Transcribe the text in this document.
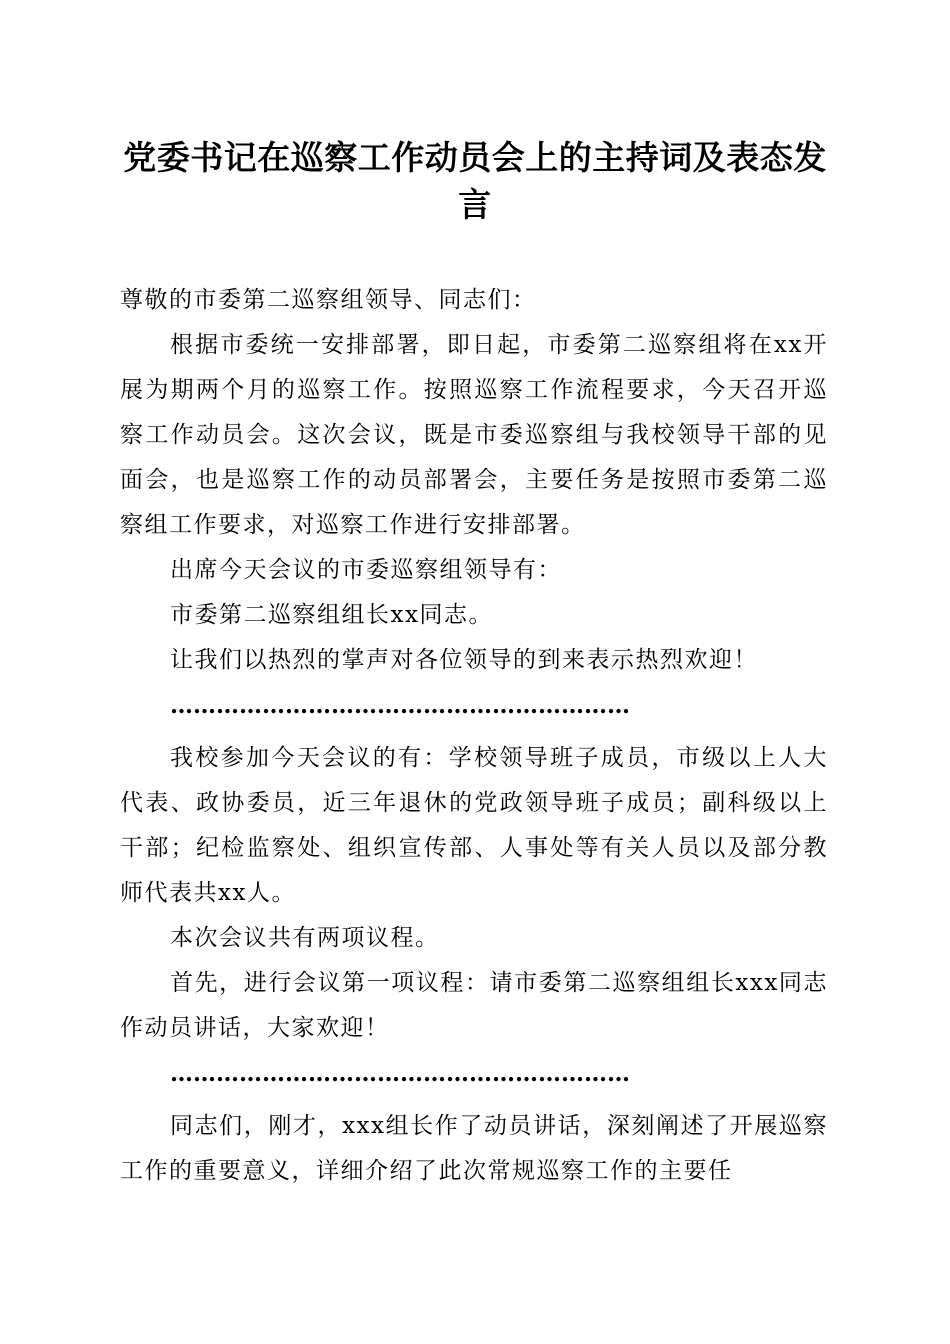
党委书记在巡察工作动员会上的主持词及表态发言

尊敬的市委第二巡察组领导、同志们：

根据市委统一安排部署，即日起，市委第二巡察组将在xx开展为期两个月的巡察工作。按照巡察工作流程要求，今天召开巡察工作动员会。这次会议，既是市委巡察组与我校领导干部的见面会，也是巡察工作的动员部署会，主要任务是按照市委第二巡察组工作要求，对巡察工作进行安排部署。

出席今天会议的市委巡察组领导有：

市委第二巡察组组长xx同志。

让我们以热烈的掌声对各位领导的到来表示热烈欢迎！

……………………………………………………

我校参加今天会议的有：学校领导班子成员，市级以上人大代表、政协委员，近三年退休的党政领导班子成员；副科级以上干部；纪检监察处、组织宣传部、人事处等有关人员以及部分教师代表共xx人。

本次会议共有两项议程。

首先，进行会议第一项议程：请市委第二巡察组组长xxx同志作动员讲话，大家欢迎！

……………………………………………………

同志们，刚才，xxx组长作了动员讲话，深刻阐述了开展巡察工作的重要意义，详细介绍了此次常规巡察工作的主要任
